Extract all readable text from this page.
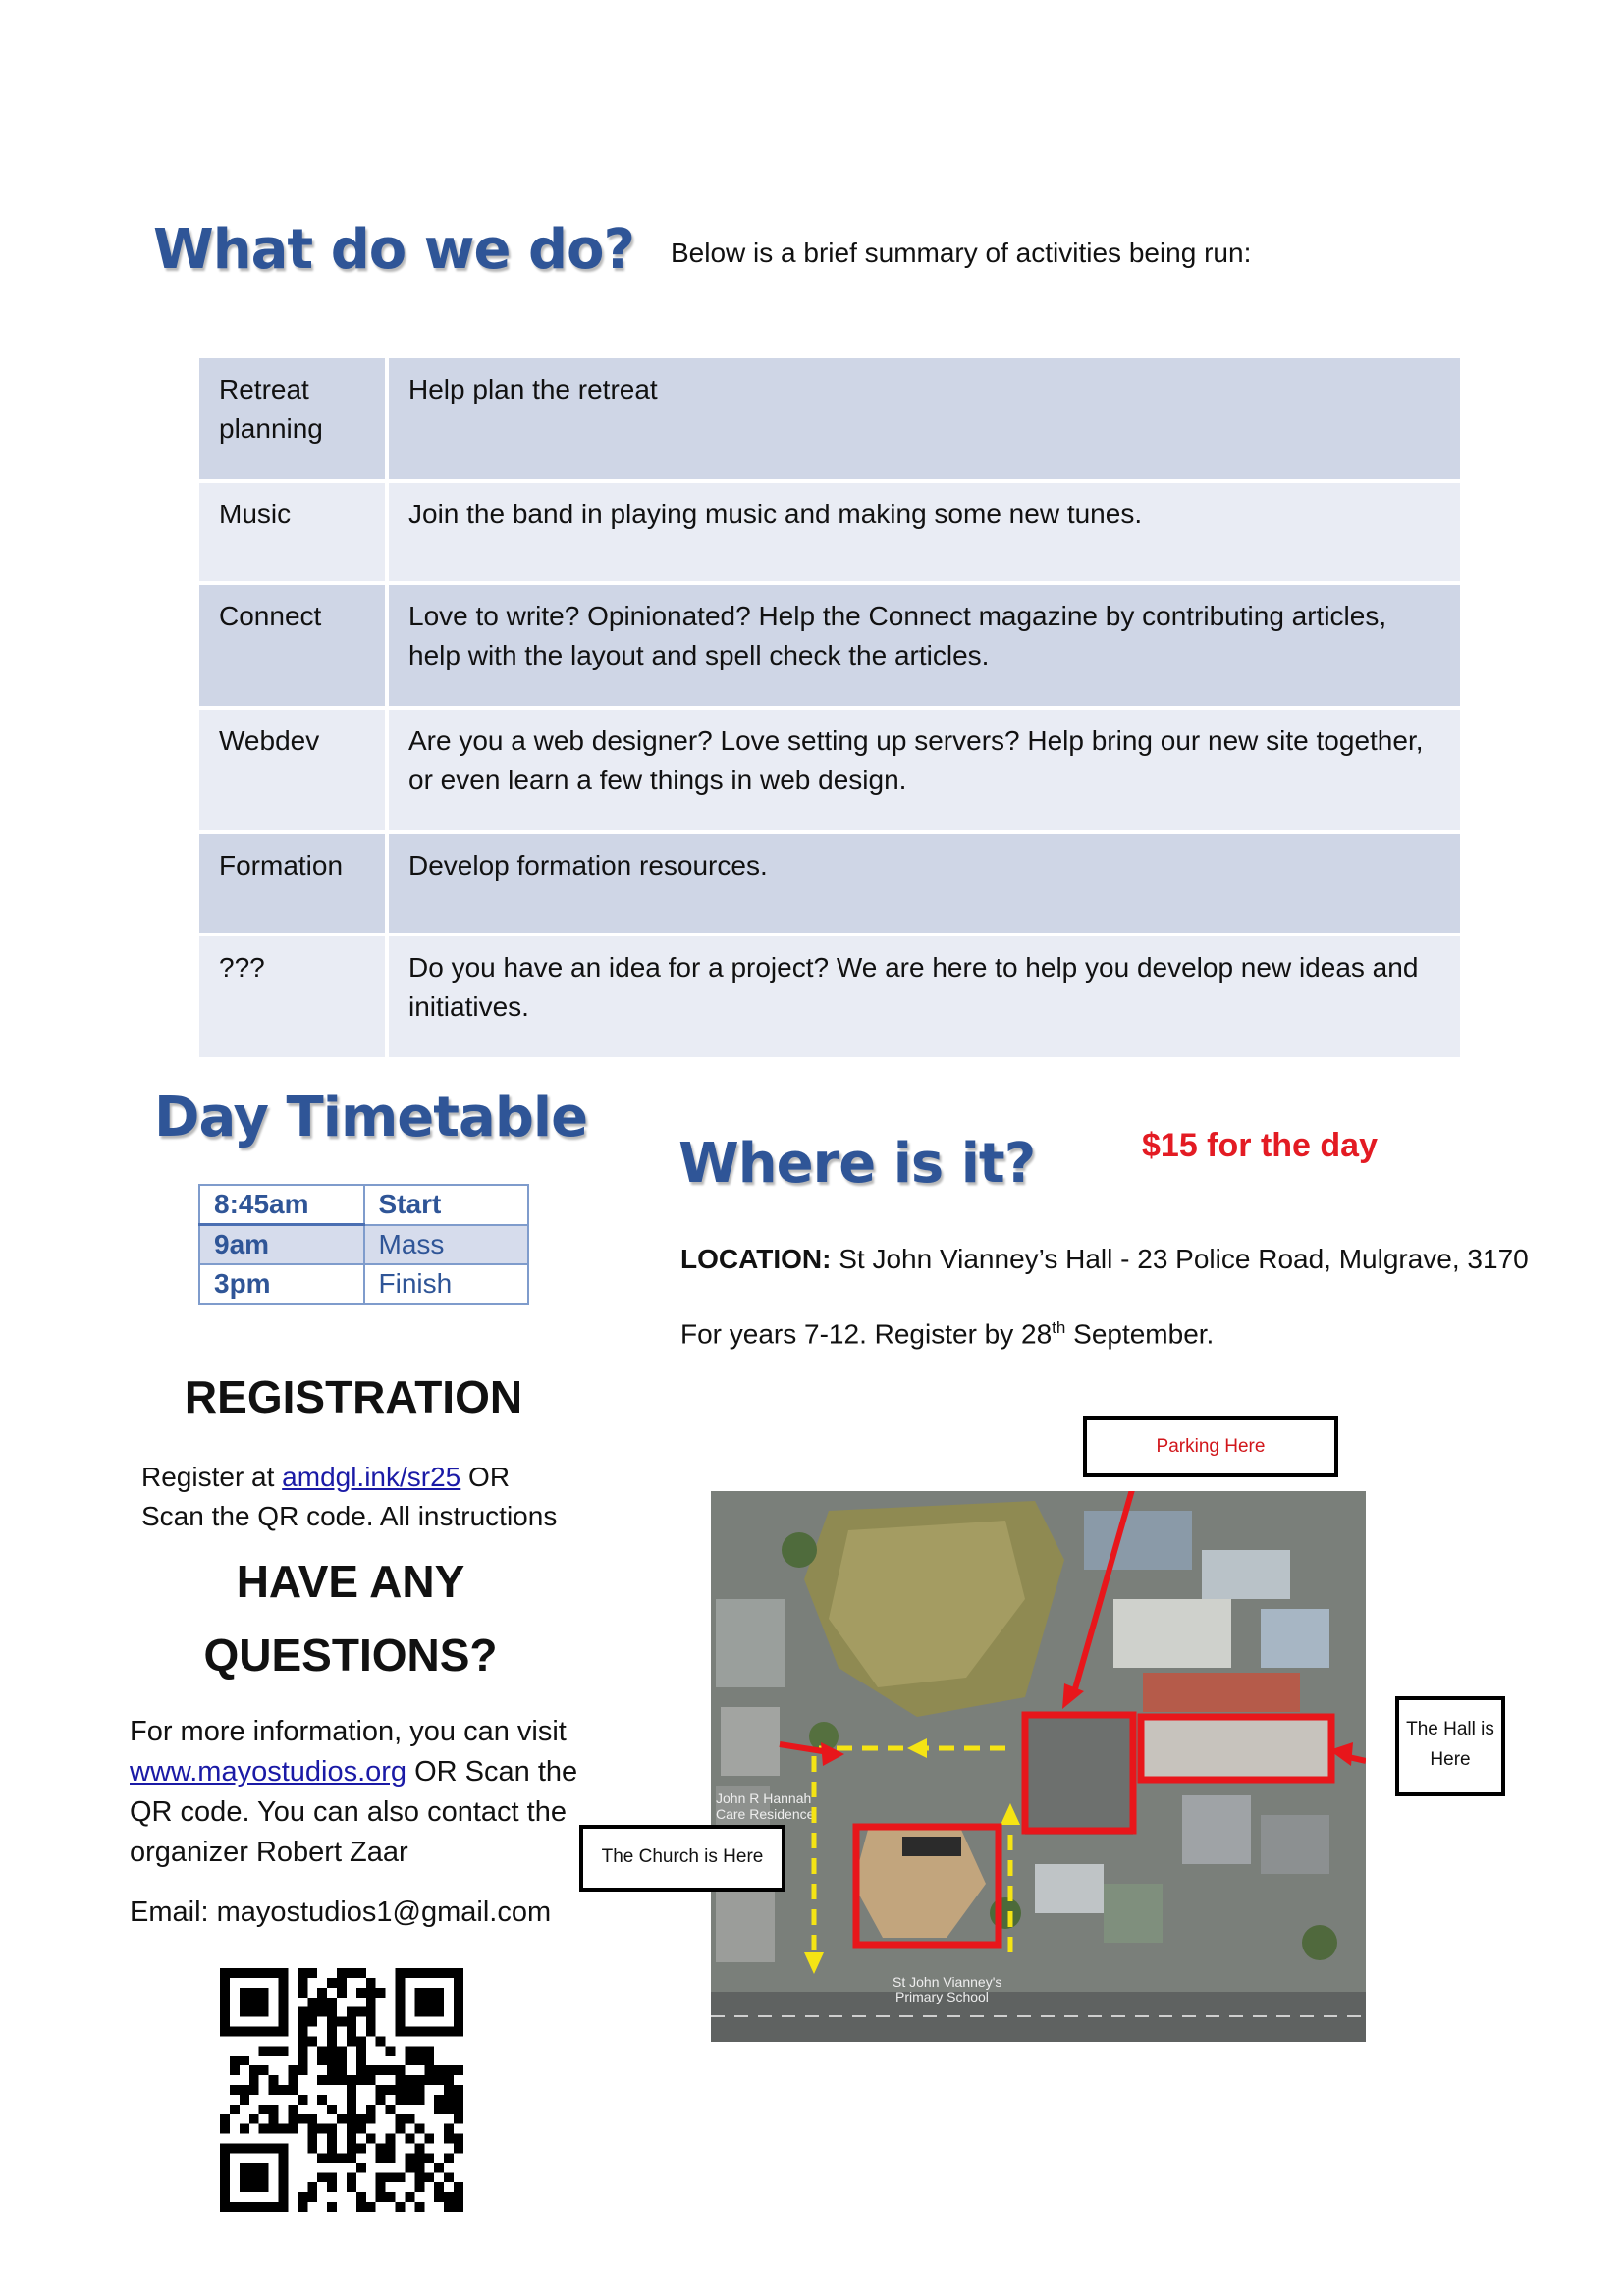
What do we do? Below is a brief summary of activities being run:
Retreat planning	Help plan the retreat
Music	Join the band in playing music and making some new tunes.
Connect	Love to write? Opinionated? Help the Connect magazine by contributing articles, help with the layout and spell check the articles.
Webdev	Are you a web designer? Love setting up servers? Help bring our new site together, or even learn a few things in web design.
Formation	Develop formation resources.
???	Do you have an idea for a project? We are here to help you develop new ideas and initiatives.
Day Timetable
8:45am	Start
9am	Mass
3pm	Finish
Where is it?	$15 for the day
LOCATION: St John Vianney’s Hall - 23 Police Road, Mulgrave, 3170
For years 7-12. Register by 28th September.
REGISTRATION
Register at amdgl.ink/sr25 OR
Scan the QR code. All instructions
HAVE ANY
QUESTIONS?
For more information, you can visit
www.mayostudios.org OR Scan the
QR code. You can also contact the
organizer Robert Zaar
Email: mayostudios1@gmail.com
John R Hannah
Care Residence
St John Vianney's
Primary School
Parking Here
The Hall is Here
The Church is Here
